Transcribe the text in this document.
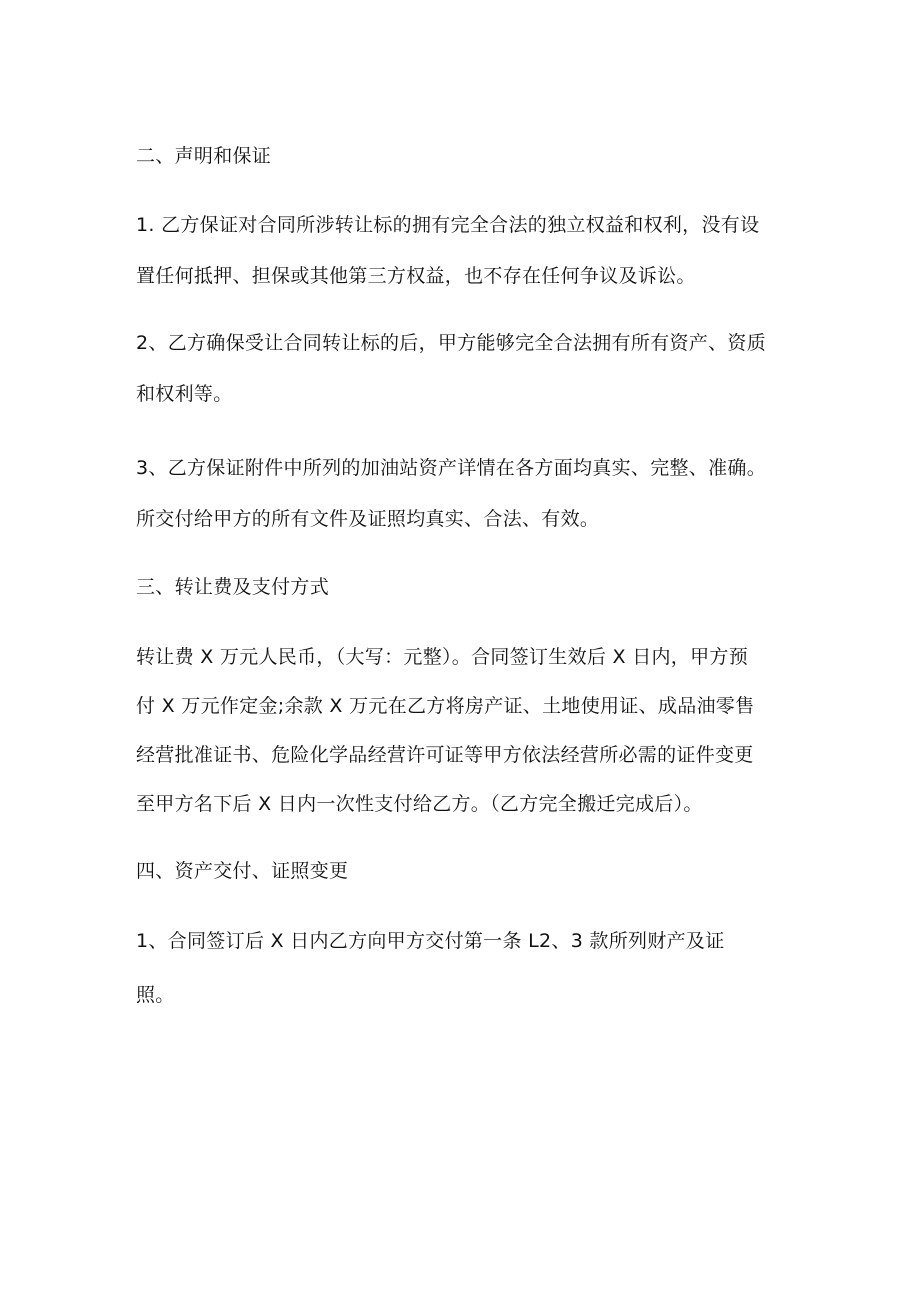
二、声明和保证

1. 乙方保证对合同所涉转让标的拥有完全合法的独立权益和权利，没有设

置任何抵押、担保或其他第三方权益，也不存在任何争议及诉讼。

2、乙方确保受让合同转让标的后，甲方能够完全合法拥有所有资产、资质

和权利等。

3、乙方保证附件中所列的加油站资产详情在各方面均真实、完整、准确。

所交付给甲方的所有文件及证照均真实、合法、有效。

三、转让费及支付方式

转让费 X 万元人民币，（大写：元整）。合同签订生效后 X 日内，甲方预

付 X 万元作定金;余款 X 万元在乙方将房产证、土地使用证、成品油零售

经营批准证书、危险化学品经营许可证等甲方依法经营所必需的证件变更

至甲方名下后 X 日内一次性支付给乙方。（乙方完全搬迁完成后）。

四、资产交付、证照变更

1、合同签订后 X 日内乙方向甲方交付第一条 L2、3 款所列财产及证

照。
